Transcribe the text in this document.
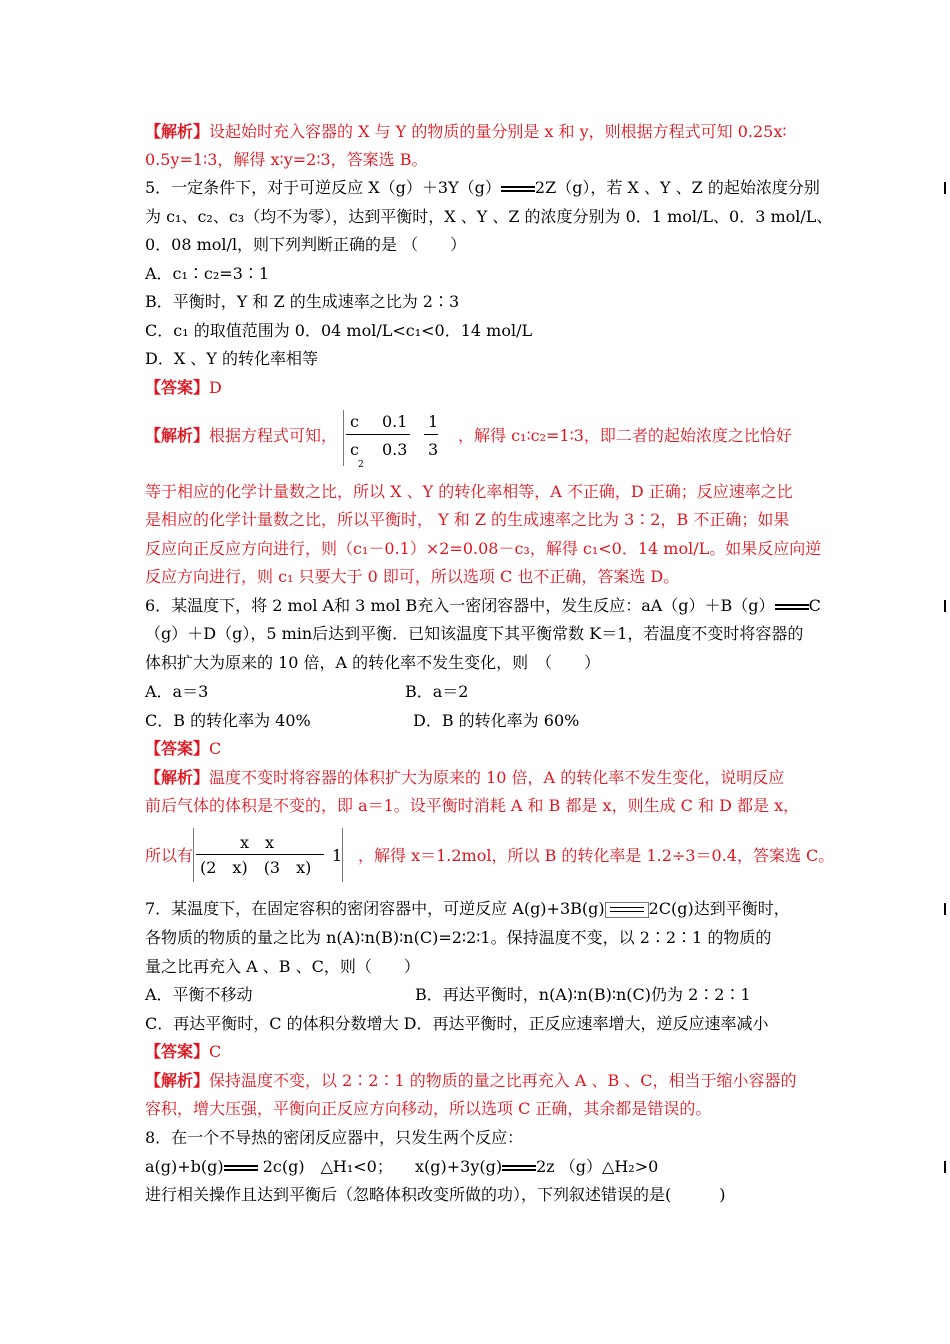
【解析】设起始时充入容器的 X 与 Y 的物质的量分别是 x 和 y，则根据方程式可知 0.25x∶
0.5y=1∶3，解得 x∶y=2∶3，答案选 B。
5．一定条件下，对于可逆反应 X（g）＋3Y（g） 2Z（g），若 X 、Y 、Z 的起始浓度分别
为 c₁、c₂、c₃（均不为零），达到平衡时，X 、Y 、Z 的浓度分别为 0．1 mol/L、0．3 mol/L、
0．08 mol/l，则下列判断正确的是 （　　）
A．c₁∶c₂=3∶1
B．平衡时，Y 和 Z 的生成速率之比为 2∶3
C．c₁ 的取值范围为 0．04 mol/L<c₁<0．14 mol/L
D．X 、Y 的转化率相等
【答案】D
【解析】根据方程式可知，
c 0.1 1
c 0.3 3
2
，解得 c₁∶c₂=1∶3，即二者的起始浓度之比恰好
等于相应的化学计量数之比，所以 X 、Y 的转化率相等，A 不正确，D 正确；反应速率之比
是相应的化学计量数之比，所以平衡时， Y 和 Z 的生成速率之比为 3∶2，B 不正确；如果
反应向正反应方向进行，则（c₁－0.1）×2=0.08－c₃，解得 c₁<0．14 mol/L。如果反应向逆
反应方向进行，则 c₁ 只要大于 0 即可，所以选项 C 也不正确，答案选 D。
6．某温度下，将 2 mol A和 3 mol B充入一密闭容器中，发生反应：aA（g）＋B（g） C
（g）＋D（g），5 min后达到平衡．已知该温度下其平衡常数 K＝1，若温度不变时将容器的
体积扩大为原来的 10 倍，A 的转化率不发生变化，则　（　　）
A．a＝3	B．a＝2
C．B 的转化率为 40%	D．B 的转化率为 60%
【答案】C
【解析】温度不变时将容器的体积扩大为原来的 10 倍，A 的转化率不发生变化，说明反应
前后气体的体积是不变的，即 a＝1。设平衡时消耗 A 和 B 都是 x，则生成 C 和 D 都是 x，
所以有
x　x
(2　x)　(3　x)
1 ，解得 x＝1.2mol，所以 B 的转化率是 1.2÷3＝0.4，答案选 C。
7．某温度下，在固定容积的密闭容器中，可逆反应 A(g)+3B(g)	2C(g)达到平衡时，
各物质的物质的量之比为 n(A)∶n(B)∶n(C)=2∶2∶1。保持温度不变，以 2∶2∶1 的物质的
量之比再充入 A 、B 、C，则（　　）
A．平衡不移动	B．再达平衡时，n(A)∶n(B)∶n(C)仍为 2∶2∶1
C．再达平衡时，C 的体积分数增大 D．再达平衡时，正反应速率增大，逆反应速率减小
【答案】C
【解析】保持温度不变，以 2∶2∶1 的物质的量之比再充入 A 、B 、C，相当于缩小容器的
容积，增大压强，平衡向正反应方向移动，所以选项 C 正确，其余都是错误的。
8．在一个不导热的密闭反应器中，只发生两个反应：
a(g)+b(g) 2c(g)　△H₁<0； x(g)+3y(g) 2z （g）△H₂>0
进行相关操作且达到平衡后（忽略体积改变所做的功），下列叙述错误的是(　　　)
